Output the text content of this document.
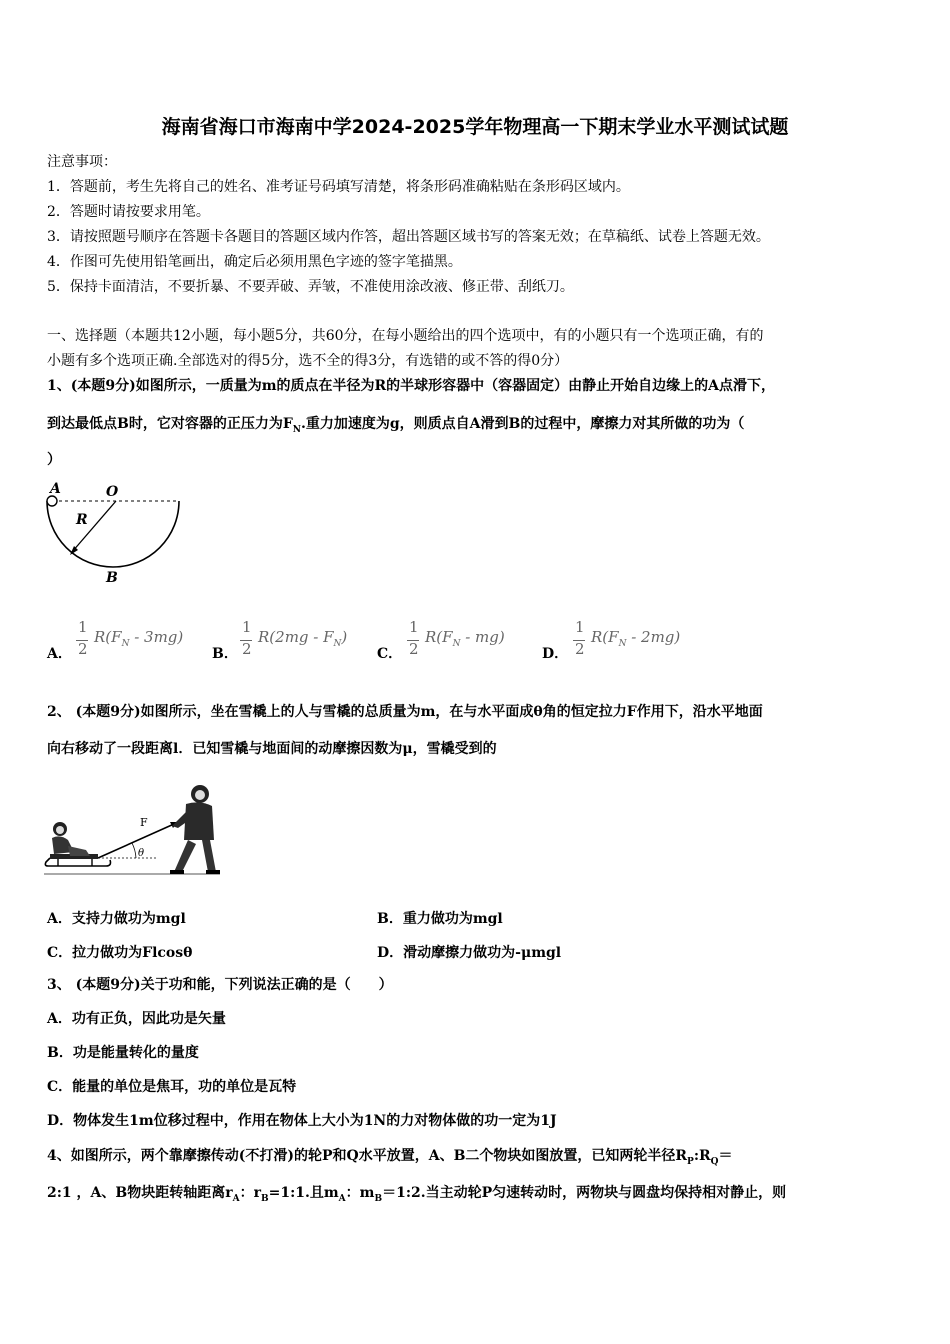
海南省海口市海南中学2024-2025学年物理高一下期末学业水平测试试题
注意事项：
1．答题前，考生先将自己的姓名、准考证号码填写清楚，将条形码准确粘贴在条形码区域内。
2．答题时请按要求用笔。
3．请按照题号顺序在答题卡各题目的答题区域内作答，超出答题区域书写的答案无效；在草稿纸、试卷上答题无效。
4．作图可先使用铅笔画出，确定后必须用黑色字迹的签字笔描黑。
5．保持卡面清洁，不要折暴、不要弄破、弄皱，不准使用涂改液、修正带、刮纸刀。
一、选择题（本题共12小题，每小题5分，共60分，在每小题给出的四个选项中，有的小题只有一个选项正确，有的
小题有多个选项正确.全部选对的得5分，选不全的得3分，有选错的或不答的得0分）
1、(本题9分)如图所示，一质量为m的质点在半径为R的半球形容器中（容器固定）由静止开始自边缘上的A点滑下，
到达最低点B时，它对容器的正压力为$F_N$.重力加速度为g，则质点自A滑到B的过程中，摩擦力对其所做的功为（
）
A	O
R
B
A．
1
2
$R(F_N - 3mg)$
B．
1
2
$R(2mg - F_N)$
C．
1
2
$R(F_N - mg)$
D．
1
2
$R(F_N - 2mg)$
2、 (本题9分)如图所示，坐在雪橇上的人与雪橇的总质量为m，在与水平面成θ角的恒定拉力F作用下，沿水平地面
向右移动了一段距离l．已知雪橇与地面间的动摩擦因数为μ，雪橇受到的
θ
F
A．支持力做功为mgl	B．重力做功为mgl
C．拉力做功为Flcosθ	D．滑动摩擦力做功为-μmgl
3、 (本题9分)关于功和能，下列说法正确的是（　　）
A．功有正负，因此功是矢量
B．功是能量转化的量度
C．能量的单位是焦耳，功的单位是瓦特
D．物体发生1m位移过程中，作用在物体上大小为1N的力对物体做的功一定为1J
4、如图所示，两个靠摩擦传动(不打滑)的轮P和Q水平放置，A、B二个物块如图放置，已知两轮半径$R_P:R_Q=$
2:1 ，A、B物块距转轴距离$r_A$：$r_B=1:1$.且$m_A$：$m_B=1:2$.当主动轮P匀速转动时，两物块与圆盘均保持相对静止，则
